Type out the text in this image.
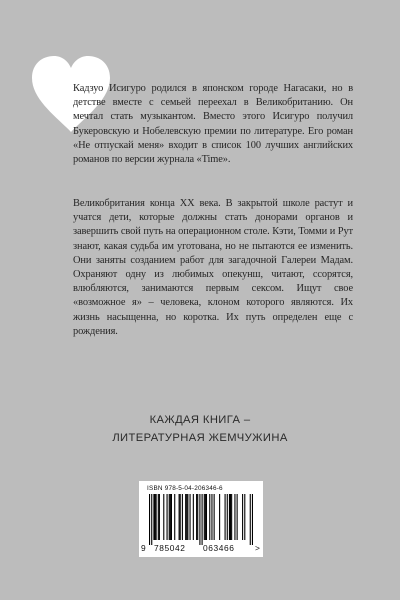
Кадзуо Исигуро родился в японском городе Нагасаки, но в детстве вместе с семьей переехал в Великобританию. Он мечтал стать музыкантом. Вместо этого Исигуро получил Букеровскую и Нобелевскую премии по литературе. Его роман «Не отпускай меня» входит в список 100 лучших английских романов по версии журнала «Time».

Великобритания конца XX века. В закрытой школе растут и учатся дети, которые должны стать донорами органов и завершить свой путь на операционном столе. Кэти, Томми и Рут знают, какая судьба им уготована, но не пытаются ее изменить. Они заняты созданием работ для загадочной Галереи Мадам. Охраняют одну из любимых опекунш, читают, ссорятся, влюбляются, занимаются первым сексом. Ищут свое «возможное я» – человека, клоном которого являются. Их жизнь насыщенна, но коротка. Их путь определен еще с рождения.

КАЖДАЯ КНИГА –
ЛИТЕРАТУРНАЯ ЖЕМЧУЖИНА
ISBN 978-5-04-206346-6
9 785042 063466 >
